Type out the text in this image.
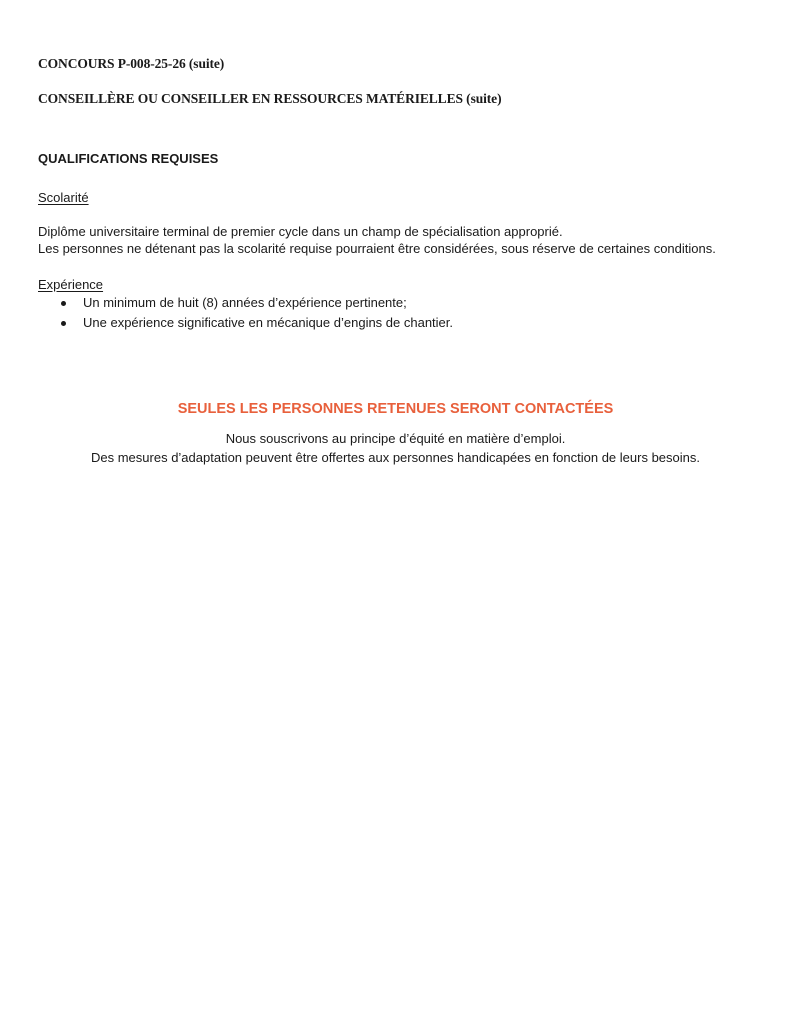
CONCOURS P-008-25-26 (suite)
CONSEILLÈRE OU CONSEILLER EN RESSOURCES MATÉRIELLES (suite)
QUALIFICATIONS REQUISES

Scolarité

Diplôme universitaire terminal de premier cycle dans un champ de spécialisation approprié.

Les personnes ne détenant pas la scolarité requise pourraient être considérées, sous réserve de certaines conditions.

Expérience

Un minimum de huit (8) années d’expérience pertinente;
Une expérience significative en mécanique d’engins de chantier.

SEULES LES PERSONNES RETENUES SERONT CONTACTÉES

Nous souscrivons au principe d’équité en matière d’emploi.

Des mesures d’adaptation peuvent être offertes aux personnes handicapées en fonction de leurs besoins.
